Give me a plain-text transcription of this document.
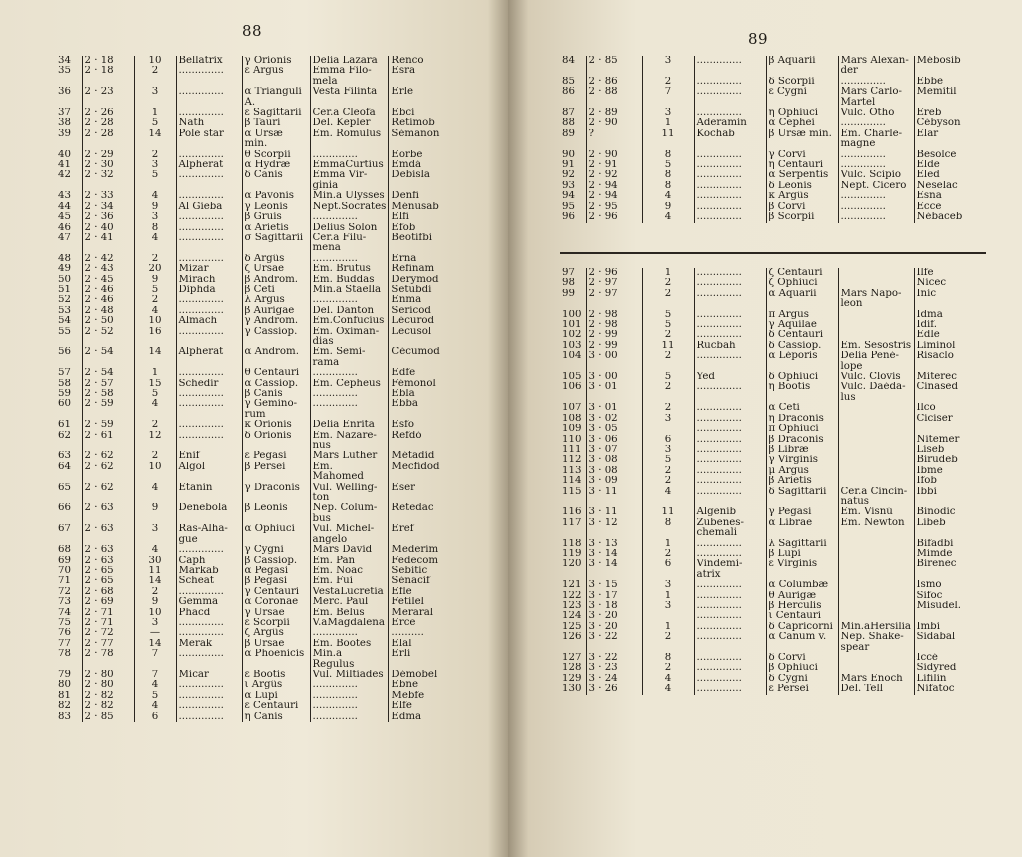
88
34	2 · 18	10	Bellatrix	γ Orionis	Delia Lazara	Renco
35	2 · 18	2	..............	ε Argus	Emma Filo-mela	Esra
36	2 · 23	3	..............	α Trianguli A.	Vesta Filinta	Erle
37	2 · 26	1	..............	ε Sagittarii	Cer.a Cleofa	Ebci
38	2 · 28	5	Nath	β Tauri	Del. Kepler	Retimob
39	2 · 28	14	Pole star	α Ursæ min.	Em. Romulus	Sémanon
40	2 · 29	2	..............	θ Scorpii	..............	Eorbe
41	2 · 30	3	Alpherat	α Hydræ	EmmaCurtius	Emdá
42	2 · 32	5	..............	δ Canis	Emma Vir-ginia	Debisla
43	2 · 33	4	..............	α Pavonis	Min.a Ulysses	Denfi
44	2 · 34	9	Al Gieba	γ Leonis	Nept.Socrates	Ménusab
45	2 · 36	3	..............	β Gruis	..............	Elfi
46	2 · 40	8	..............	α Arietis	Delius Solon	Efob
47	2 · 41	4	..............	σ Sagittarii	Cer.a Filu-mena	Beotifbi
48	2 · 42	2	..............	δ Argûs	..............	Erna
49	2 · 43	20	Mizar	ζ Ursae	Em. Brutus	Refinam
50	2 · 45	9	Mirach	β Androm.	Em. Buddas	Derymod
51	2 · 46	5	Diphda	β Ceti	Min.a Staella	Setubdi
52	2 · 46	2	..............	λ Argus	..............	Enma
53	2 · 48	4	..............	β Aurigae	Del. Danton	Sericod
54	2 · 50	10	Almach	γ Androm.	Em.Confucius	Lécurod
55	2 · 52	16	..............	γ Cassiop.	Em. Oximan-dias	Lecusol
56	2 · 54	14	Alpherat	α Androm.	Em. Semi-rama	Cécumod
57	2 · 54	1	..............	θ Centauri	..............	Edfe
58	2 · 57	15	Schedir	α Cassiop.	Em. Cepheus	Fémonol
59	2 · 58	5	..............	β Canis	..............	Ebla
60	2 · 59	4	..............	γ Gemino-rum	..............	Ebba
61	2 · 59	2	..............	κ Orionis	Delia Enrita	Esfo
62	2 · 61	12	..............	δ Orionis	Em. Nazare-nus	Refdó
63	2 · 62	2	Enif	ε Pegasi	Mars Luther	Métadid
64	2 · 62	10	Algol	β Persei	Em. Mahomed	Mecfidod
65	2 · 62	4	Etanin	γ Draconis	Vul. Welling-ton	Eser
66	2 · 63	9	Denebola	β Leonis	Nep. Colum-bus	Retedac
67	2 · 63	3	Ras-Alha-gue	α Ophiuci	Vul. Michel-angelo	Eref
68	2 · 63	4	..............	γ Cygni	Mars David	Mederim
69	2 · 63	30	Caph	β Cassiop.	Em. Pan	Fedecom
70	2 · 65	11	Markab	α Pegasi	Em. Noac	Sebitic
71	2 · 65	14	Scheat	β Pegasi	Em. Fui	Sénacif
72	2 · 68	2	..............	γ Centauri	VestaLucretia	Efle
73	2 · 69	9	Gemma	α Coronae	Merc. Paul	Fetilel
74	2 · 71	10	Phacd	γ Ursae	Em. Belus	Meraral
75	2 · 71	3	..............	ε Scorpii	V.aMagdalena	Erce
76	2 · 72	—	..............	ζ Argûs	..............	..........
77	2 · 77	14	Merak	β Ursae	Em. Bootes	Elal
78	2 · 78	7	..............	α Phoenicis	Min.a Regulus	Erli
79	2 · 80	7	Micar	ε Bootis	Vul. Miltiades	Démobel
80	2 · 80	4	..............	ι Argûs	..............	Ebne
81	2 · 82	5	..............	α Lupi	..............	Mebfe
82	2 · 82	4	..............	ε Centauri	..............	Elfe
83	2 · 85	6	..............	η Canis	..............	Edma
89
84	2 · 85	3	..............	β Aquarii	Mars Alexan-der	Mébosib
85	2 · 86	2	..............	δ Scorpii	..............	Ebbe
86	2 · 88	7	..............	ε Cygni	Mars Carlo-Martel	Memitil
87	2 · 89	3	..............	η Ophiuci	Vulc. Otho	Ereb
88	2 · 90	1	Aderamin	α Cephei	..............	Cébyson
89	?	11	Kochab	β Ursæ min.	Em. Charle-magne	Elar
90	2 · 90	8	..............	γ Corvi	..............	Besolce
91	2 · 91	5	..............	η Centauri	..............	Elde
92	2 · 92	8	..............	α Serpentis	Vulc. Scipio	Eled
93	2 · 94	8	..............	δ Leonis	Nept. Cicero	Neselac
94	2 · 94	4	..............	κ Argûs	..............	Esna
95	2 · 95	9	..............	β Corvi	..............	Ecce
96	2 · 96	4	..............	β Scorpii	..............	Nébaceb
97	2 · 96	1	..............	ζ Centauri		Ilfe
98	2 · 97	2	..............	ζ Ophiuci		Nicec
99	2 · 97	2	..............	α Aquarii	Mars Napo-leon	Inic
100	2 · 98	5	..............	π Argus		Idma
101	2 · 98	5	..............	γ Aquilae		Idif.
102	2 · 99	2	..............	δ Centauri		Edle
103	2 · 99	11	Rucbah	δ Cassiop.	Em. Sesostris	Liminol
104	3 · 00	2	..............	α Léporis	Delia Pené-lope	Risaclo
105	3 · 00	5	Yed	δ Ophiuci	Vulc. Clovis	Miterec
106	3 · 01	2	..............	η Bootis	Vulc. Daéda-lus	Cinased
107	3 · 01	2	..............	α Ceti		Ilco
108	3 · 02	3	..............	η Draconis		Ciciser
109	3 · 05		..............	π Ophiuci		
110	3 · 06	6	..............	β Draconis		Nitemer
111	3 · 07	3	..............	β Libræ		Liseb
112	3 · 08	5	..............	γ Virginis		Birudeb
113	3 · 08	2	..............	μ Argus		Ibme
114	3 · 09	2	..............	β Arietis		Ifob
115	3 · 11	4	..............	δ Sagittarii	Cer.a Cincin-natus	Ibbi
116	3 · 11	11	Algenib	γ Pegasi	Em. Visnú	Binodic
117	3 · 12	8	Zubenes-chemali	α Librae	Em. Newton	Libeb
118	3 · 13	1	..............	λ Sagittarii		Bifadbi
119	3 · 14	2	..............	β Lupi		Mimde
120	3 · 14	6	Vindemi-atrix	ε Virginis		Birenec
121	3 · 15	3	..............	α Columbæ		Ismo
122	3 · 17	1	..............	θ Aurigæ		Sifoc
123	3 · 18	3	..............	β Herculis		Misudel.
124	3 · 20		..............	ι Centauri		
125	3 · 20	1	..............	δ Capricorni	Min.aHersilia	Imbi
126	3 · 22	2	..............	α Canum v.	Nep. Shake-spear	Sidabal
127	3 · 22	8	..............	δ Corvi		Iccé
128	3 · 23	2	..............	β Ophiuci		Sidyred
129	3 · 24	4	..............	δ Cygni	Mars Enoch	Lifilin
130	3 · 26	4	..............	ε Persei	Del. Tell	Nifatoc
